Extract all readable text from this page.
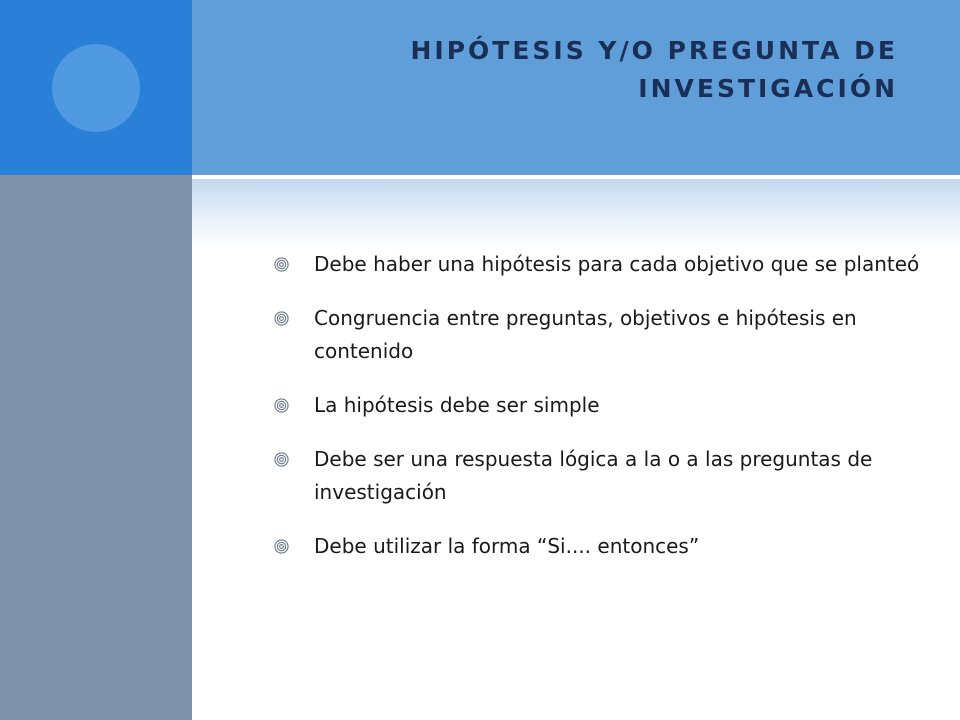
HIPÓTESIS Y/O PREGUNTA DE
INVESTIGACIÓN
Debe haber una hipótesis para cada objetivo que se planteó
Congruencia entre preguntas, objetivos e hipótesis en contenido
La hipótesis debe ser simple
Debe ser una respuesta lógica a la o a las preguntas de investigación
Debe utilizar la forma “Si.... entonces”
